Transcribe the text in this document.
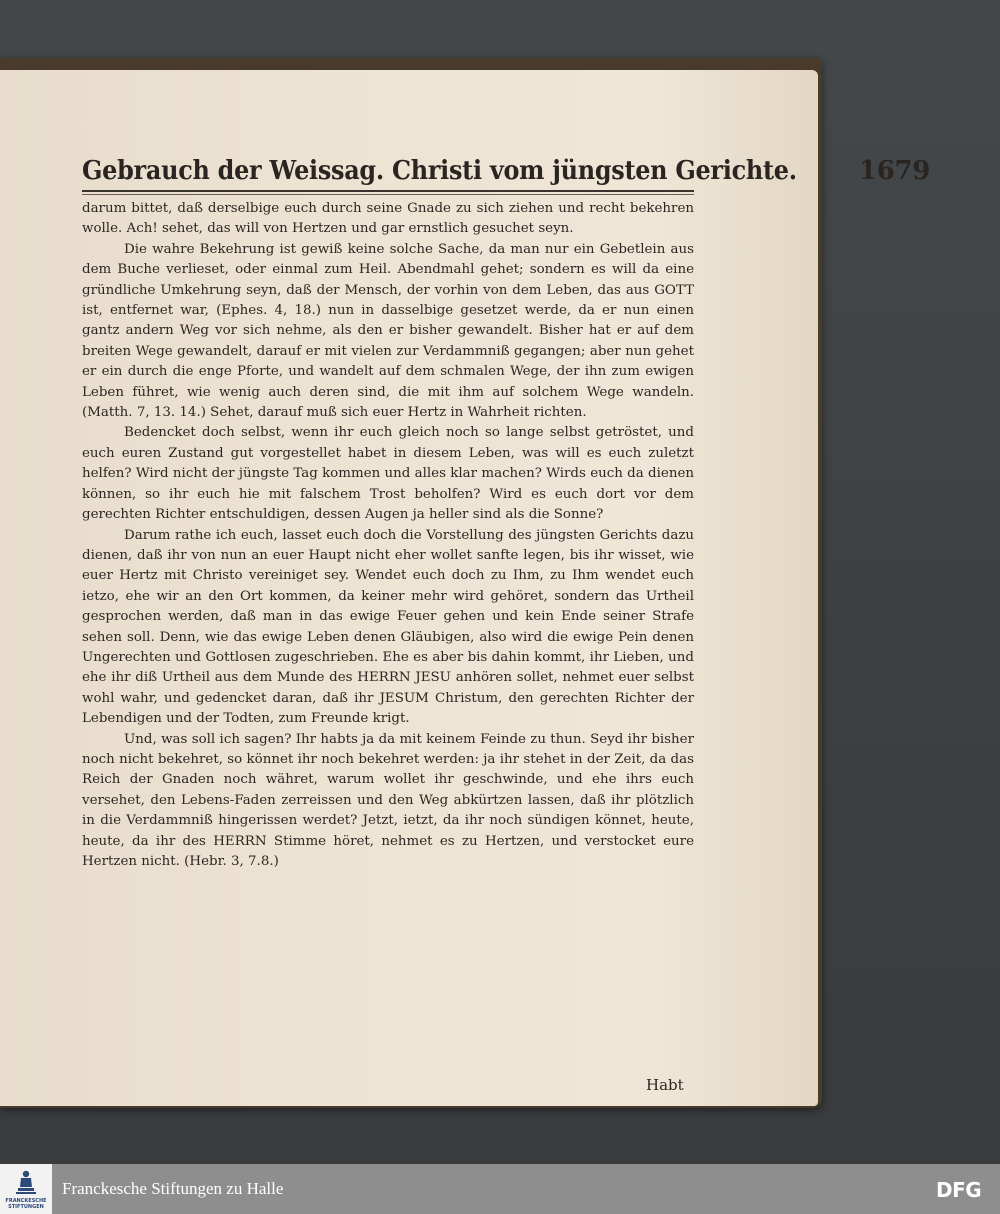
Gebrauch der Weissag. Christi vom jüngsten Gerichte. 1679

darum bittet, daß derselbige euch durch seine Gnade zu sich ziehen und recht bekehren wolle. Ach! sehet, das will von Hertzen und gar ernstlich gesuchet seyn.

Die wahre Bekehrung ist gewiß keine solche Sache, da man nur ein Gebetlein aus dem Buche verlieset, oder einmal zum Heil. Abendmahl gehet; sondern es will da eine gründliche Umkehrung seyn, daß der Mensch, der vorhin von dem Leben, das aus GOTT ist, entfernet war, (Ephes. 4, 18.) nun in dasselbige gesetzet werde, da er nun einen gantz andern Weg vor sich nehme, als den er bisher gewandelt. Bisher hat er auf dem breiten Wege gewandelt, darauf er mit vielen zur Verdammniß gegangen; aber nun gehet er ein durch die enge Pforte, und wandelt auf dem schmalen Wege, der ihn zum ewigen Leben führet, wie wenig auch deren sind, die mit ihm auf solchem Wege wandeln. (Matth. 7, 13. 14.) Sehet, darauf muß sich euer Hertz in Wahrheit richten.

Bedencket doch selbst, wenn ihr euch gleich noch so lange selbst getröstet, und euch euren Zustand gut vorgestellet habet in diesem Leben, was will es euch zuletzt helfen? Wird nicht der jüngste Tag kommen und alles klar machen? Wirds euch da dienen können, so ihr euch hie mit falschem Trost beholfen? Wird es euch dort vor dem gerechten Richter entschuldigen, dessen Augen ja heller sind als die Sonne?

Darum rathe ich euch, lasset euch doch die Vorstellung des jüngsten Gerichts dazu dienen, daß ihr von nun an euer Haupt nicht eher wollet sanfte legen, bis ihr wisset, wie euer Hertz mit Christo vereiniget sey. Wendet euch doch zu Ihm, zu Ihm wendet euch ietzo, ehe wir an den Ort kommen, da keiner mehr wird gehöret, sondern das Urtheil gesprochen werden, daß man in das ewige Feuer gehen und kein Ende seiner Strafe sehen soll. Denn, wie das ewige Leben denen Gläubigen, also wird die ewige Pein denen Ungerechten und Gottlosen zugeschrieben. Ehe es aber bis dahin kommt, ihr Lieben, und ehe ihr diß Urtheil aus dem Munde des HERRN JESU anhören sollet, nehmet euer selbst wohl wahr, und gedencket daran, daß ihr JESUM Christum, den gerechten Richter der Lebendigen und der Todten, zum Freunde krigt.

Und, was soll ich sagen? Ihr habts ja da mit keinem Feinde zu thun. Seyd ihr bisher noch nicht bekehret, so könnet ihr noch bekehret werden: ja ihr stehet in der Zeit, da das Reich der Gnaden noch währet, warum wollet ihr geschwinde, und ehe ihrs euch versehet, den Lebens-Faden zerreissen und den Weg abkürtzen lassen, daß ihr plötzlich in die Verdammniß hingerissen werdet? Jetzt, ietzt, da ihr noch sündigen könnet, heute, heute, da ihr des HERRN Stimme höret, nehmet es zu Hertzen, und verstocket eure Hertzen nicht. (Hebr. 3, 7.8.)

Habt
FRANCKESCHE STIFTUNGEN
Franckesche Stiftungen zu Halle	DFG
